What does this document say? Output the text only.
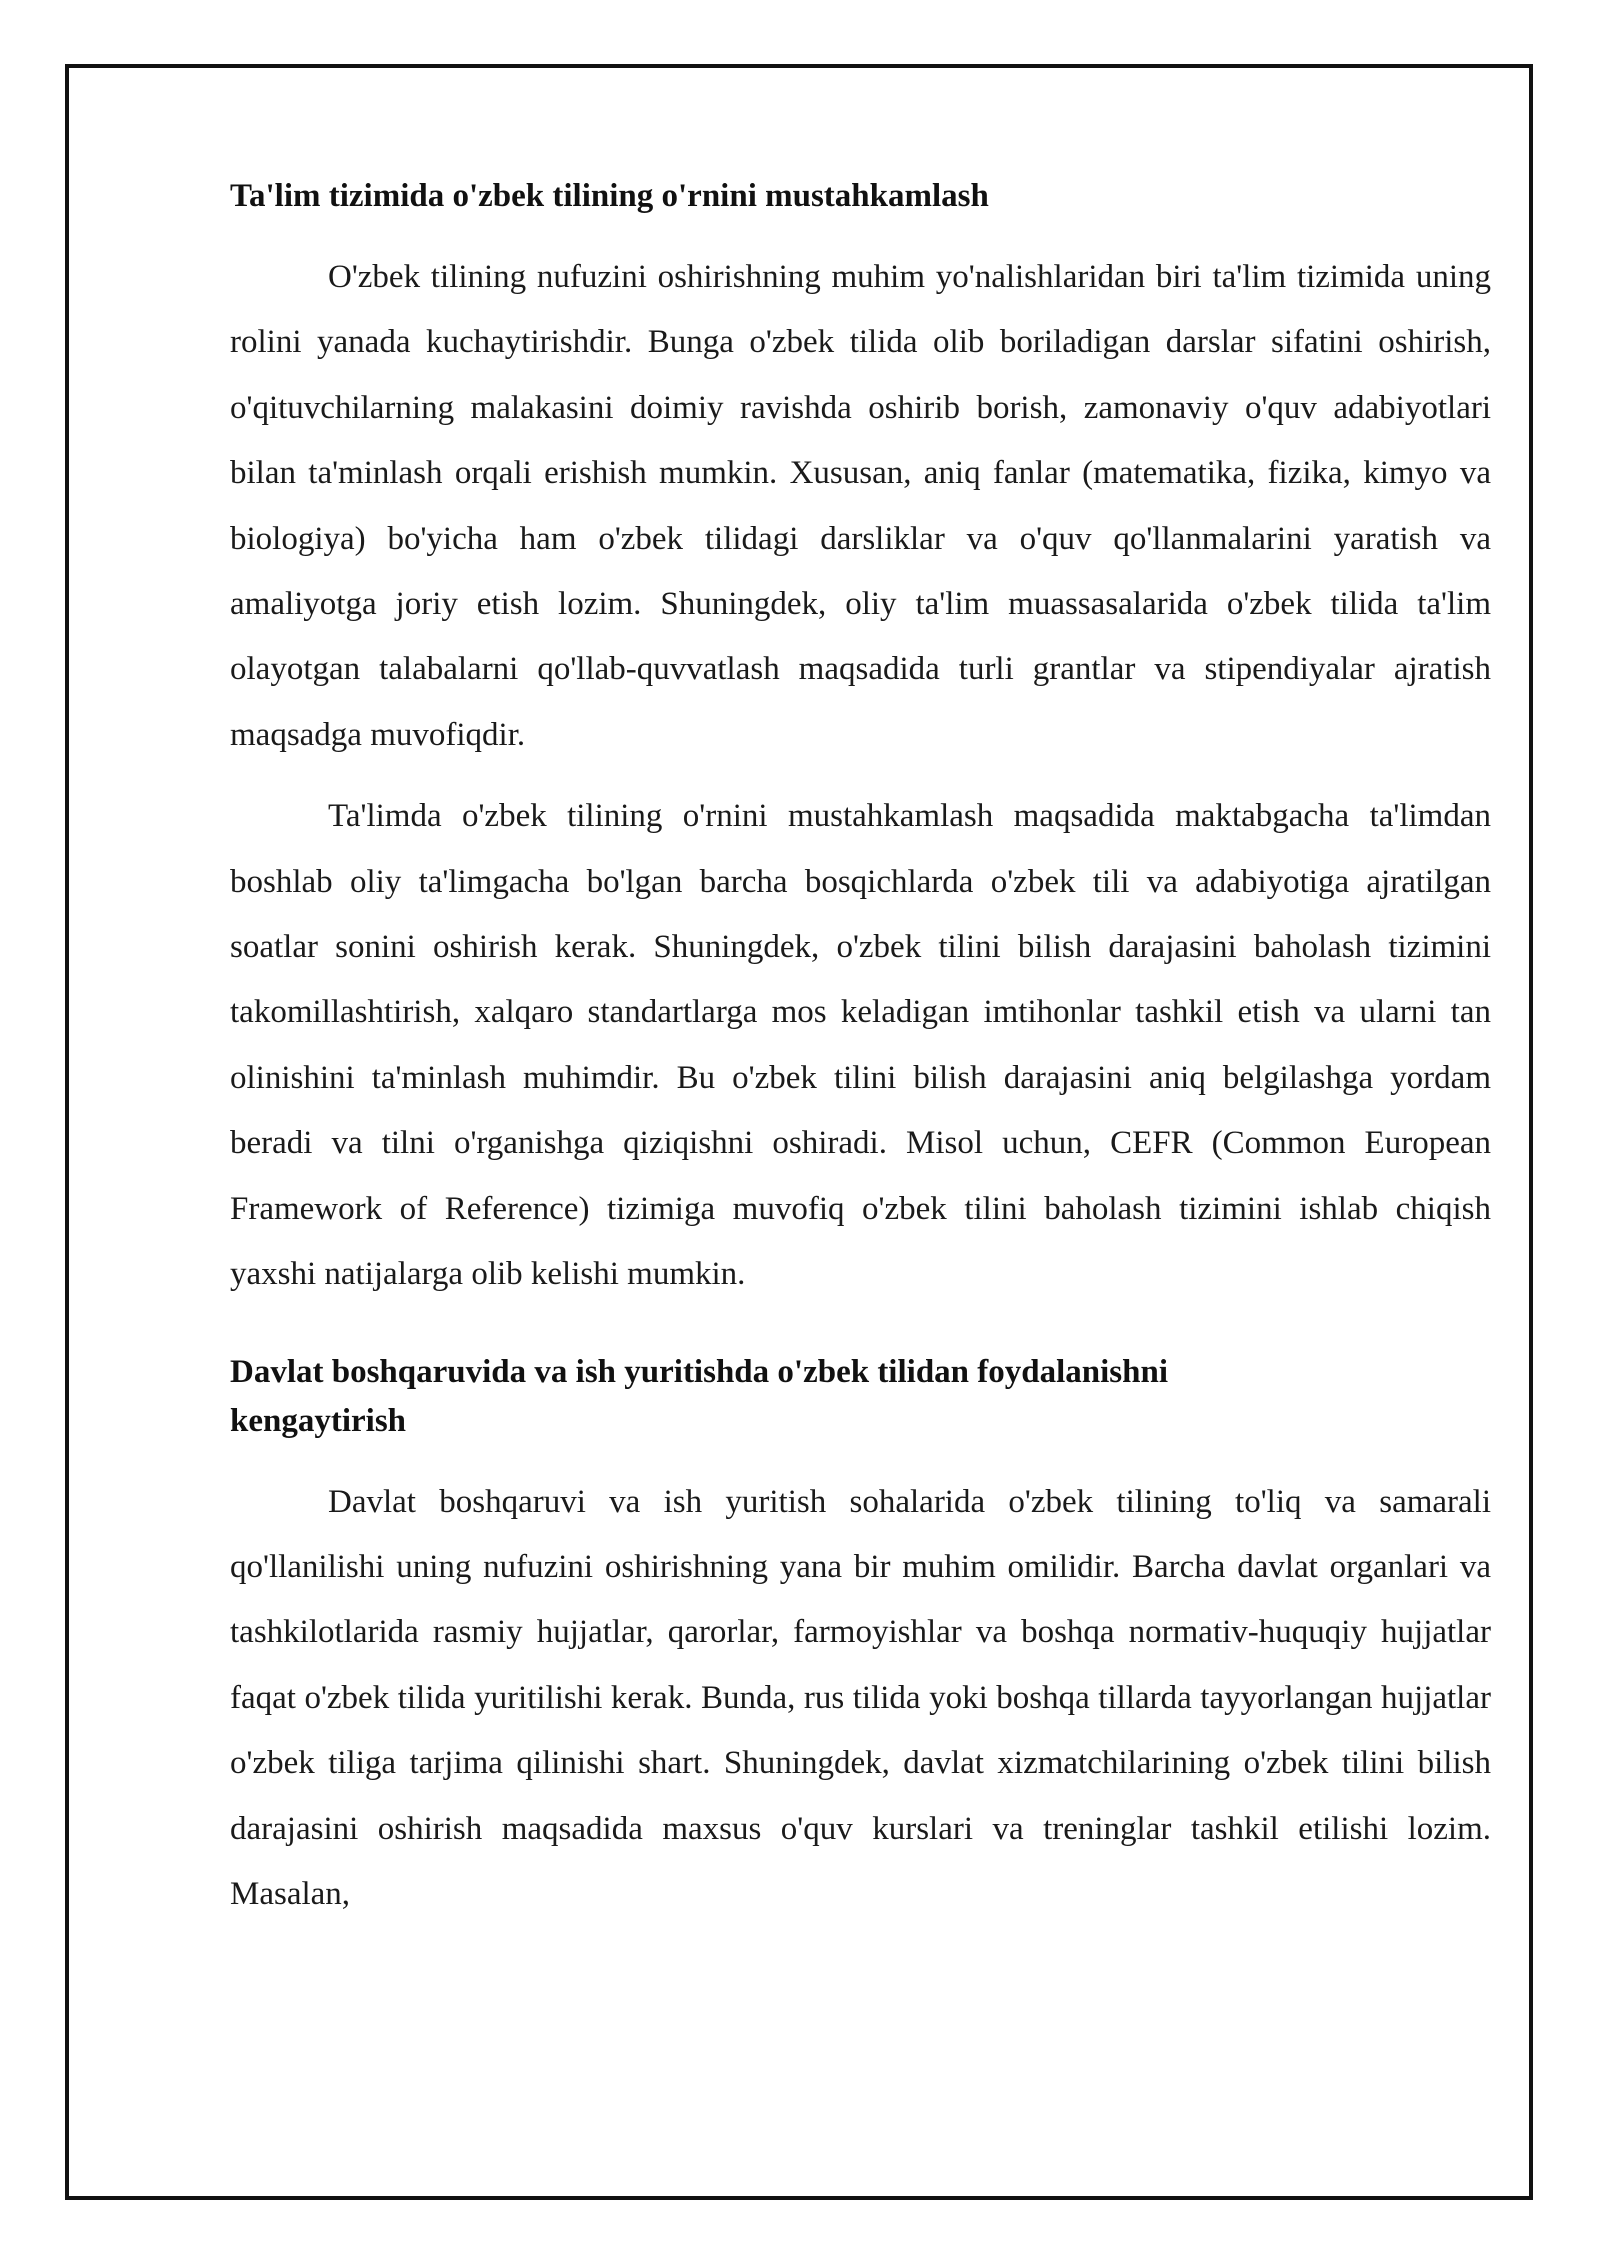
Ta'lim tizimida o'zbek tilining o'rnini mustahkamlash

O'zbek tilining nufuzini oshirishning muhim yo'nalishlaridan biri ta'lim tizimida uning rolini yanada kuchaytirishdir. Bunga o'zbek tilida olib boriladigan darslar sifatini oshirish, o'qituvchilarning malakasini doimiy ravishda oshirib borish, zamonaviy o'quv adabiyotlari bilan ta'minlash orqali erishish mumkin. Xususan, aniq fanlar (matematika, fizika, kimyo va biologiya) bo'yicha ham o'zbek tilidagi darsliklar va o'quv qo'llanmalarini yaratish va amaliyotga joriy etish lozim. Shuningdek, oliy ta'lim muassasalarida o'zbek tilida ta'lim olayotgan talabalarni qo'llab-quvvatlash maqsadida turli grantlar va stipendiyalar ajratish maqsadga muvofiqdir.

Ta'limda o'zbek tilining o'rnini mustahkamlash maqsadida maktabgacha ta'limdan boshlab oliy ta'limgacha bo'lgan barcha bosqichlarda o'zbek tili va adabiyotiga ajratilgan soatlar sonini oshirish kerak. Shuningdek, o'zbek tilini bilish darajasini baholash tizimini takomillashtirish, xalqaro standartlarga mos keladigan imtihonlar tashkil etish va ularni tan olinishini ta'minlash muhimdir. Bu o'zbek tilini bilish darajasini aniq belgilashga yordam beradi va tilni o'rganishga qiziqishni oshiradi. Misol uchun, CEFR (Common European Framework of Reference) tizimiga muvofiq o'zbek tilini baholash tizimini ishlab chiqish yaxshi natijalarga olib kelishi mumkin.

Davlat boshqaruvida va ish yuritishda o'zbek tilidan foydalanishni kengaytirish

Davlat boshqaruvi va ish yuritish sohalarida o'zbek tilining to'liq va samarali qo'llanilishi uning nufuzini oshirishning yana bir muhim omilidir. Barcha davlat organlari va tashkilotlarida rasmiy hujjatlar, qarorlar, farmoyishlar va boshqa normativ-huquqiy hujjatlar faqat o'zbek tilida yuritilishi kerak. Bunda, rus tilida yoki boshqa tillarda tayyorlangan hujjatlar o'zbek tiliga tarjima qilinishi shart. Shuningdek, davlat xizmatchilarining o'zbek tilini bilish darajasini oshirish maqsadida maxsus o'quv kurslari va treninglar tashkil etilishi lozim. Masalan,
